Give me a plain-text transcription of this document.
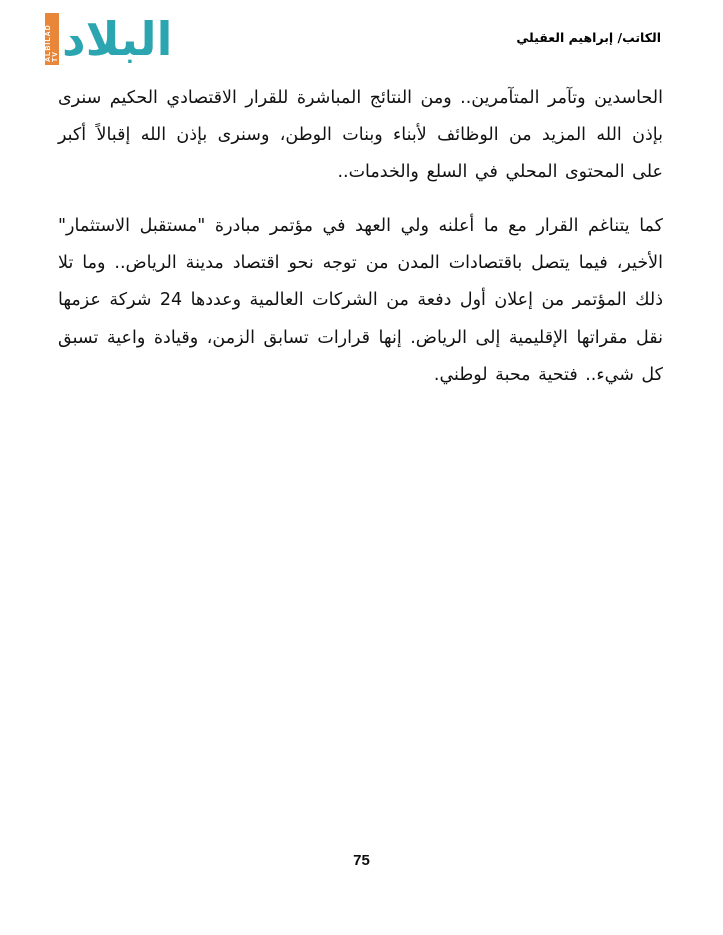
ALBILAD TV البلاد	الكاتب/ إبراهيم العقيلي

الحاسدين وتآمر المتآمرين.. ومن النتائج المباشرة للقرار الاقتصادي الحكيم سنرى بإذن الله المزيد من الوظائف لأبناء وبنات الوطن، وسنرى بإذن الله إقبالاً أكبر على المحتوى المحلي في السلع والخدمات..

كما يتناغم القرار مع ما أعلنه ولي العهد في مؤتمر مبادرة "مستقبل الاستثمار" الأخير، فيما يتصل باقتصادات المدن من توجه نحو اقتصاد مدينة الرياض.. وما تلا ذلك المؤتمر من إعلان أول دفعة من الشركات العالمية وعددها 24 شركة عزمها نقل مقراتها الإقليمية إلى الرياض. إنها قرارات تسابق الزمن، وقيادة واعية تسبق كل شيء.. فتحية محبة لوطني.

75
